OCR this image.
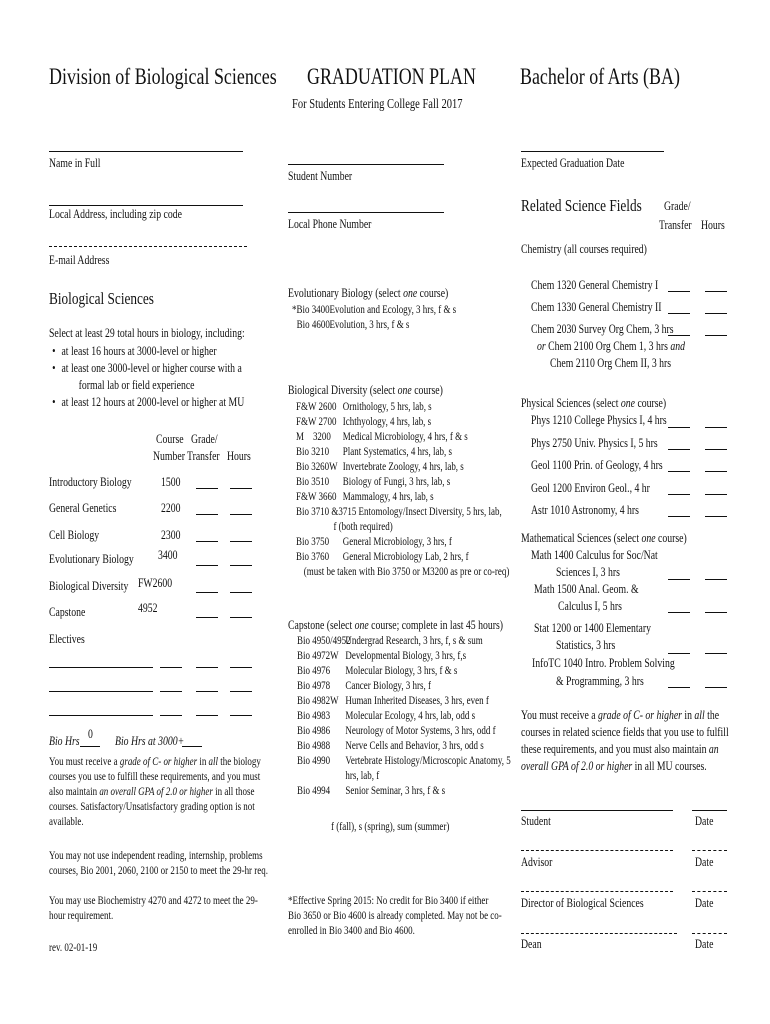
Division of Biological Sciences	GRADUATION PLAN	Bachelor of Arts (BA)
For Students Entering College Fall 2017
Name in Full
Student Number
Expected Graduation Date
Local Address, including zip code
Local Phone Number
E-mail Address
Biological Sciences
Select at least 29 total hours in biology, including:
• at least 16 hours at 3000-level or higher
• at least one 3000-level or higher course with a
formal lab or field experience
• at least 12 hours at 2000-level or higher at MU
Course Grade/
Number Transfer Hours
Introductory Biology	1500
General Genetics	2200
Cell Biology	2300
Evolutionary Biology	3400
Biological Diversity FW2600
Capstone	4952
Electives
Bio Hrs 0 Bio Hrs at 3000+
You must receive a grade of C- or higher in all the biology
courses you use to fulfill these requirements, and you must
also maintain an overall GPA of 2.0 or higher in all those
courses. Satisfactory/Unsatisfactory grading option is not
available.
You may not use independent reading, internship, problems
courses, Bio 2001, 2060, 2100 or 2150 to meet the 29-hr req.
You may use Biochemistry 4270 and 4272 to meet the 29-
hour requirement.
rev. 02-01-19
Evolutionary Biology (select one course)
*Bio 3400Evolution and Ecology, 3 hrs, f & s
Bio 4600Evolution, 3 hrs, f & s
Biological Diversity (select one course)
F&W 2600 Ornithology, 5 hrs, lab, s
F&W 2700 Ichthyology, 4 hrs, lab, s
M    3200 Medical Microbiology, 4 hrs, f & s
Bio 3210 Plant Systematics, 4 hrs, lab, s
Bio 3260W Invertebrate Zoology, 4 hrs, lab, s
Bio 3510 Biology of Fungi, 3 hrs, lab, s
F&W 3660 Mammalogy, 4 hrs, lab, s
Bio 3710 &3715 Entomology/Insect Diversity, 5 hrs, lab,
f (both required)
Bio 3750 General Microbiology, 3 hrs, f
Bio 3760 General Microbiology Lab, 2 hrs, f
(must be taken with Bio 3750 or M3200 as pre or co-req)
Capstone (select one course; complete in last 45 hours)
Bio 4950/4952Undergrad Research, 3 hrs, f, s & sum
Bio 4972W Developmental Biology, 3 hrs, f,s
Bio 4976 Molecular Biology, 3 hrs, f & s
Bio 4978 Cancer Biology, 3 hrs, f
Bio 4982W Human Inherited Diseases, 3 hrs, even f
Bio 4983 Molecular Ecology, 4 hrs, lab, odd s
Bio 4986 Neurology of Motor Systems, 3 hrs, odd f
Bio 4988 Nerve Cells and Behavior, 3 hrs, odd s
Bio 4990 Vertebrate Histology/Microscopic Anatomy, 5
hrs, lab, f
Bio 4994 Senior Seminar, 3 hrs, f & s
f (fall), s (spring), sum (summer)
*Effective Spring 2015: No credit for Bio 3400 if either
Bio 3650 or Bio 4600 is already completed. May not be co-
enrolled in Bio 3400 and Bio 4600.
Related Science Fields	Grade/
Transfer Hours
Chemistry (all courses required)
Chem 1320 General Chemistry I
Chem 1330 General Chemistry II
Chem 2030 Survey Org Chem, 3 hrs
or Chem 2100 Org Chem 1, 3 hrs and
Chem 2110 Org Chem II, 3 hrs
Physical Sciences (select one course)
Phys 1210 College Physics I, 4 hrs
Phys 2750 Univ. Physics I, 5 hrs
Geol 1100 Prin. of Geology, 4 hrs
Geol 1200 Environ Geol., 4 hr
Astr 1010 Astronomy, 4 hrs
Mathematical Sciences (select one course)
Math 1400 Calculus for Soc/Nat
Sciences I, 3 hrs
Math 1500 Anal. Geom. &
Calculus I, 5 hrs
Stat 1200 or 1400 Elementary
Statistics, 3 hrs
InfoTC 1040 Intro. Problem Solving
& Programming, 3 hrs
You must receive a grade of C- or higher in all the
courses in related science fields that you use to fulfill
these requirements, and you must also maintain an
overall GPA of 2.0 or higher in all MU courses.
Student	Date
Advisor	Date
Director of Biological Sciences	Date
Dean	Date
